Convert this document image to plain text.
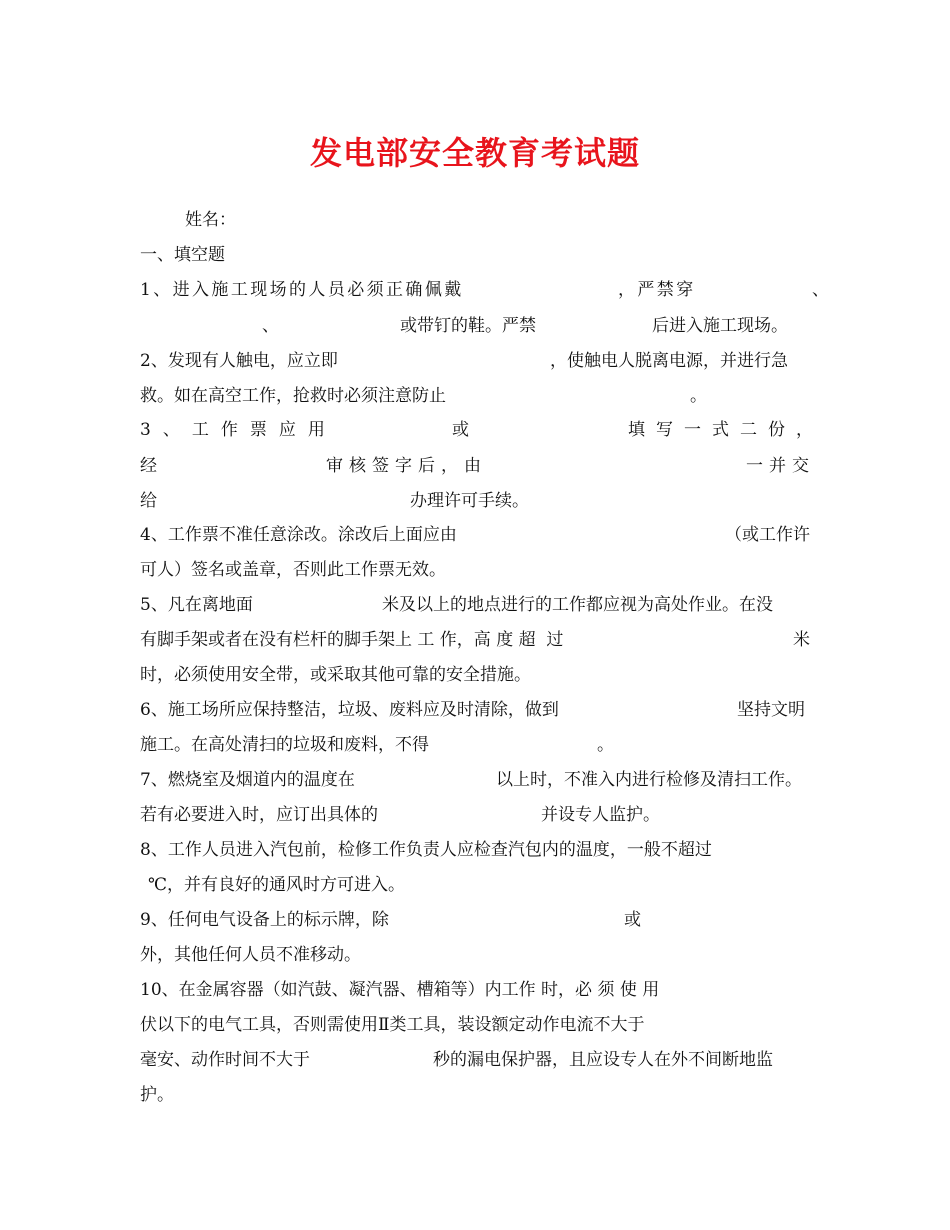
发电部安全教育考试题
姓名：
一、填空题
1、进入施工现场的人员必须正确佩戴	，严禁穿	、
、	或带钉的鞋。严禁	后进入施工现场。
2、发现有人触电，应立即	，使触电人脱离电源，并进行急
救。如在高空工作，抢救时必须注意防止	。
3、工作票应用	或	填写一式二份，
经	审核签字后，由	一并交
给	办理许可手续。
4、工作票不准任意涂改。涂改后上面应由	（或工作许
可人）签名或盖章，否则此工作票无效。
5、凡在离地面	米及以上的地点进行的工作都应视为高处作业。在没
有脚手架或者在没有栏杆的脚手架上 工 作，高 度 超  过	米
时，必须使用安全带，或采取其他可靠的安全措施。
6、施工场所应保持整洁，垃圾、废料应及时清除，做到	坚持文明
施工。在高处清扫的垃圾和废料，不得	。
7、燃烧室及烟道内的温度在	以上时，不准入内进行检修及清扫工作。
若有必要进入时，应订出具体的	并设专人监护。
8、工作人员进入汽包前，检修工作负责人应检查汽包内的温度，一般不超过
℃，并有良好的通风时方可进入。
9、任何电气设备上的标示牌，除	或
外，其他任何人员不准移动。
10、在金属容器（如汽鼓、凝汽器、槽箱等）内工作 时，必 须 使 用
伏以下的电气工具，否则需使用Ⅱ类工具，装设额定动作电流不大于
毫安、动作时间不大于	秒的漏电保护器，且应设专人在外不间断地监
护。
